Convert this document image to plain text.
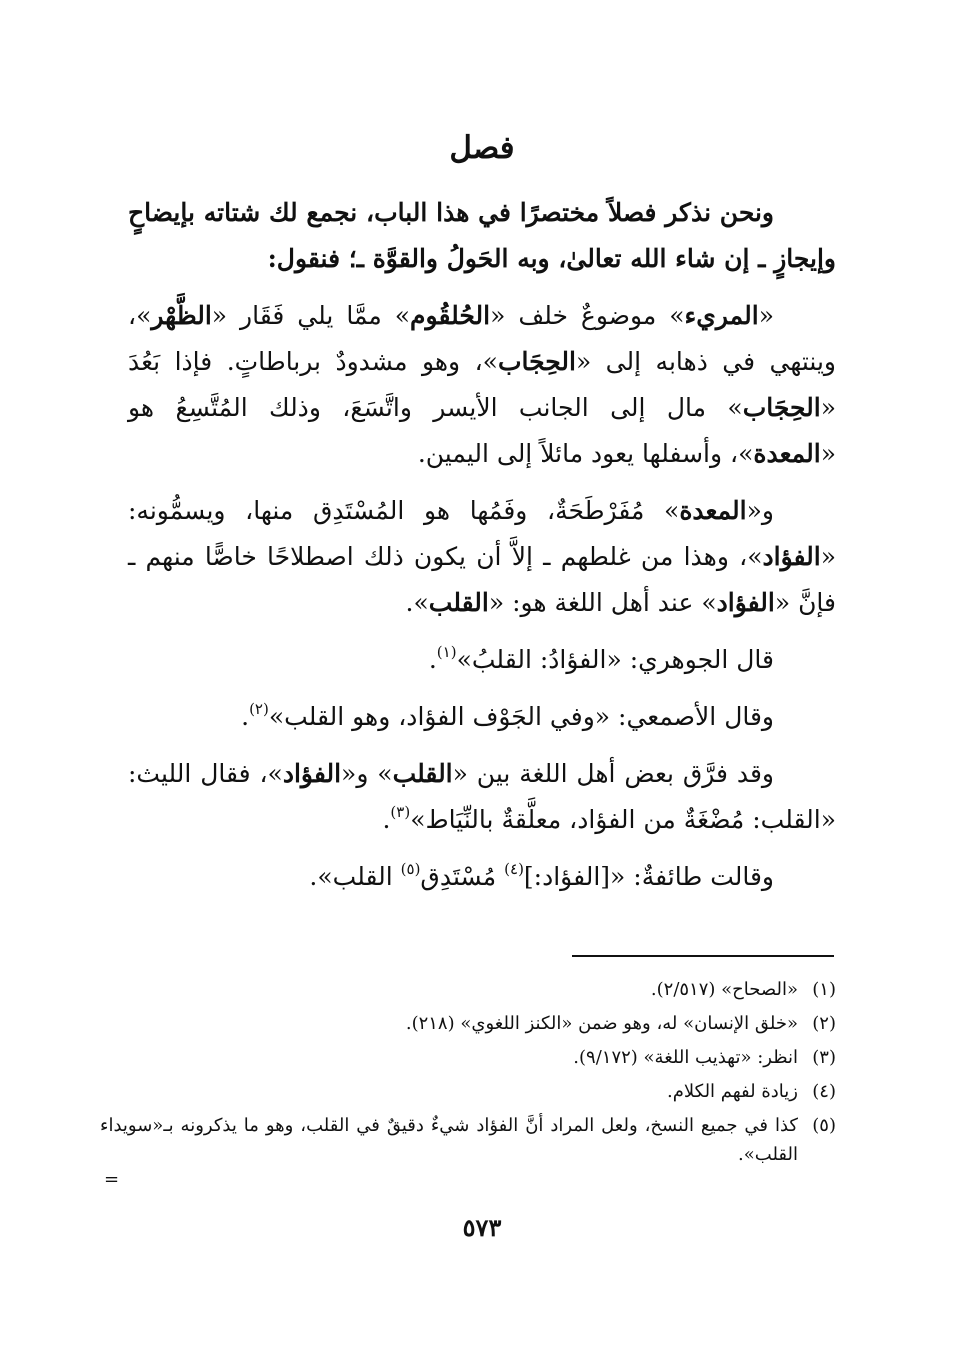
فصل

ونحن نذكر فصلاً مختصرًا في هذا الباب، نجمع لك شتاته بإيضاحٍ وإيجازٍ ـ إن شاء الله تعالىٰ، وبه الحَولُ والقوَّة ـ؛ فنقول:

«المريء» موضوعٌ خلف «الحُلقُوم» ممَّا يلي فَقَار «الظَّهْر»، وينتهي في ذهابه إلى «الحِجَاب»، وهو مشدودٌ برباطاتٍ. فإذا بَعُدَ «الحِجَاب» مال إلى الجانب الأيسر واتَّسَعَ، وذلك المُتَّسِعُ هو «المعدة»، وأسفلها يعود مائلاً إلى اليمين.

و«المعدة» مُفَرْطَحَةٌ، وفَمُها هو المُسْتَدِق منها، ويسمُّونه: «الفؤاد»، وهذا من غلطهم ـ إلاَّ أن يكون ذلك اصطلاحًا خاصًّا منهم ـ فإنَّ «الفؤاد» عند أهل اللغة هو: «القلب».

قال الجوهري: «الفؤادُ: القلبُ»$^{(١)}$.

وقال الأصمعي: «وفي الجَوْف الفؤاد، وهو القلب»$^{(٢)}$.

وقد فرَّق بعض أهل اللغة بين «القلب» و«الفؤاد»، فقال الليث: «القلب: مُضْغَةٌ من الفؤاد، معلَّقةٌ بالنِّيَاط»$^{(٣)}$.

وقالت طائفةٌ: «[الفؤاد:]$^{(٤)}$ مُسْتَدِق$^{(٥)}$ القلب».

(١)
«الصحاح» (٢/٥١٧).
(٢)
«خلق الإنسان» له، وهو ضمن «الكنز اللغوي» (٢١٨).
(٣)
انظر: «تهذيب اللغة» (٩/١٧٢).
(٤)
زيادة لفهم الكلام.
(٥)
كذا في جميع النسخ، ولعل المراد أنَّ الفؤاد شيءٌ دقيقٌ في القلب، وهو ما يذكرونه بـ«سويداء القلب».
=
٥٧٣
